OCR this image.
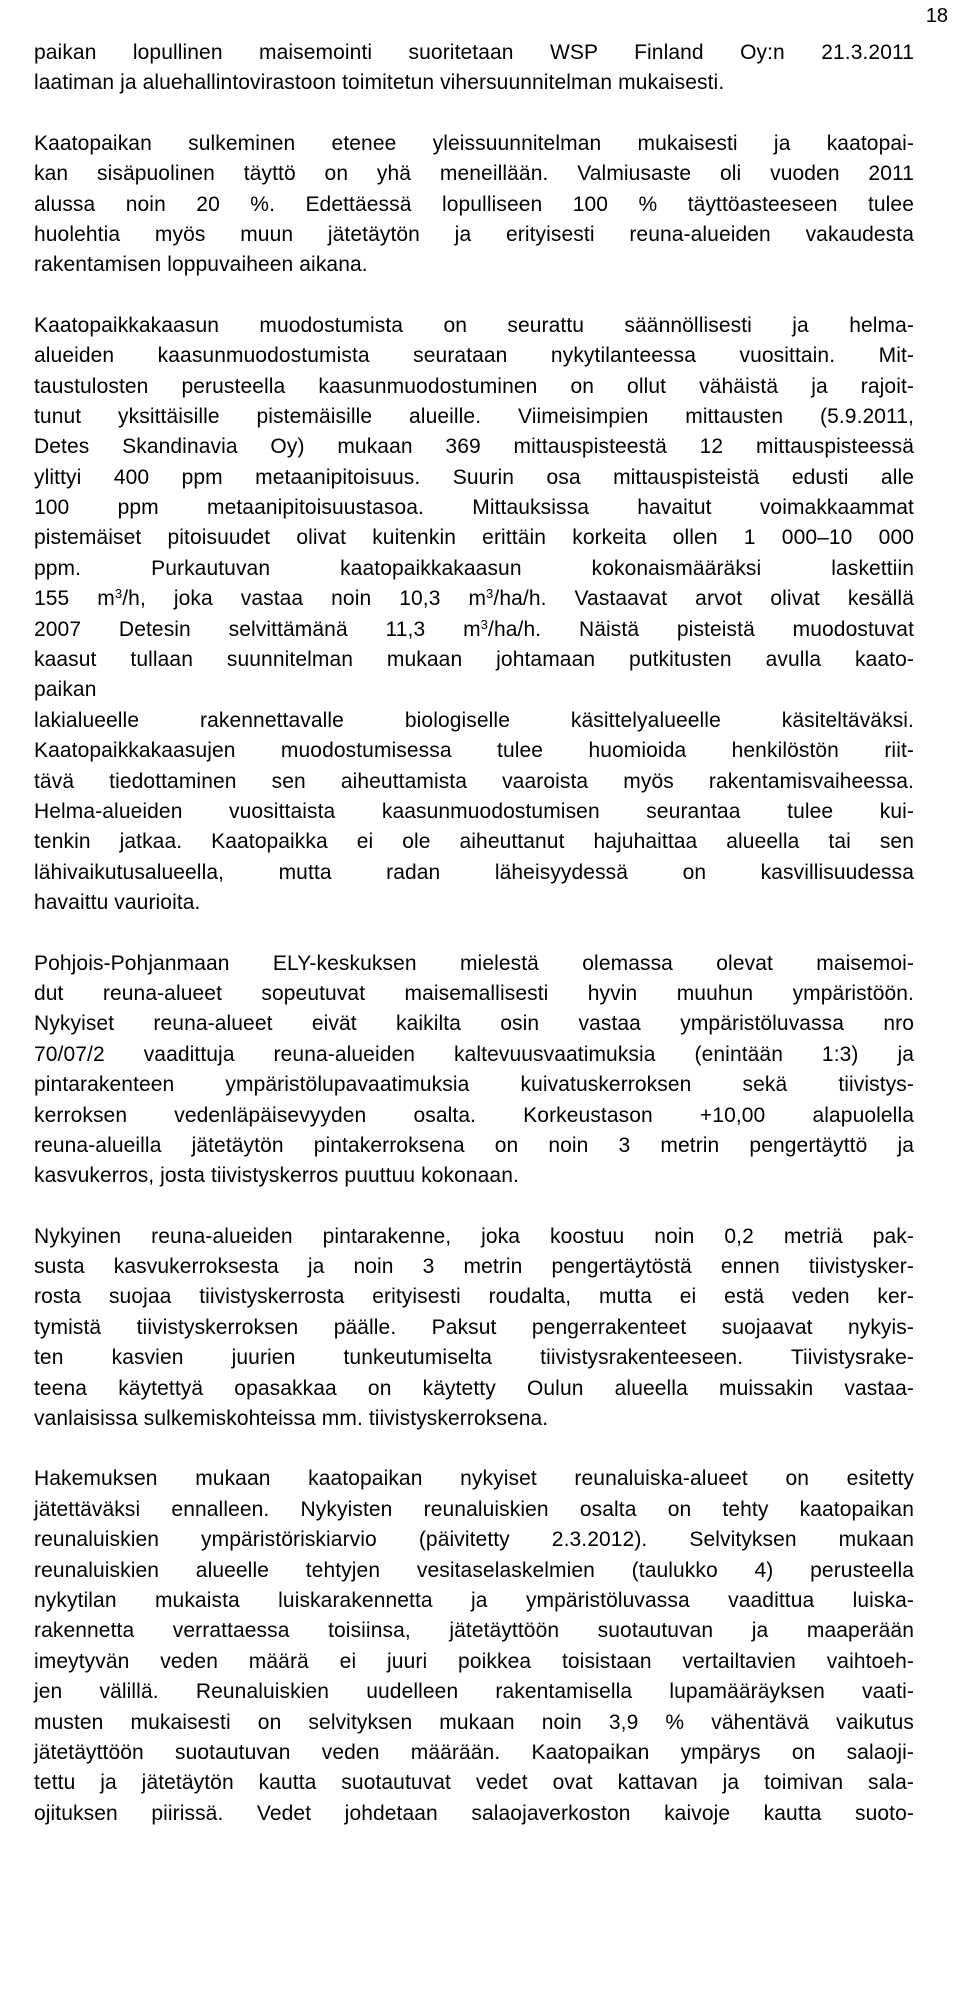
18
paikan lopullinen maisemointi suoritetaan WSP Finland Oy:n 21.3.2011
laatiman ja aluehallintovirastoon toimitetun vihersuunnitelman mukaisesti.
Kaatopaikan sulkeminen etenee yleissuunnitelman mukaisesti ja kaatopai-
kan sisäpuolinen täyttö on yhä meneillään. Valmiusaste oli vuoden 2011
alussa noin 20 %. Edettäessä lopulliseen 100 % täyttöasteeseen tulee
huolehtia myös muun jätetäytön ja erityisesti reuna-alueiden vakaudesta
rakentamisen loppuvaiheen aikana.
Kaatopaikkakaasun muodostumista on seurattu säännöllisesti ja helma-
alueiden kaasunmuodostumista seurataan nykytilanteessa vuosittain. Mit-
taustulosten perusteella kaasunmuodostuminen on ollut vähäistä ja rajoit-
tunut yksittäisille pistemäisille alueille. Viimeisimpien mittausten (5.9.2011,
Detes Skandinavia Oy) mukaan 369 mittauspisteestä 12 mittauspisteessä
ylittyi 400 ppm metaanipitoisuus. Suurin osa mittauspisteistä edusti alle
100 ppm metaanipitoisuustasoa. Mittauksissa havaitut voimakkaammat
pistemäiset pitoisuudet olivat kuitenkin erittäin korkeita ollen 1 000–10 000
ppm. Purkautuvan kaatopaikkakaasun kokonaismääräksi laskettiin
155 $m^3/h$, joka vastaa noin 10,3 $m^3/ha/h$. Vastaavat arvot olivat kesällä
2007 Detesin selvittämänä 11,3 $m^3/ha/h$. Näistä pisteistä muodostuvat
kaasut tullaan suunnitelman mukaan johtamaan putkitusten avulla kaato-
paikan
lakialueelle rakennettavalle biologiselle käsittelyalueelle käsiteltäväksi.
Kaatopaikkakaasujen muodostumisessa tulee huomioida henkilöstön riit-
tävä tiedottaminen sen aiheuttamista vaaroista myös rakentamisvaiheessa.
Helma-alueiden vuosittaista kaasunmuodostumisen seurantaa tulee kui-
tenkin jatkaa. Kaatopaikka ei ole aiheuttanut hajuhaittaa alueella tai sen
lähivaikutusalueella, mutta radan läheisyydessä on kasvillisuudessa
havaittu vaurioita.
Pohjois-Pohjanmaan ELY-keskuksen mielestä olemassa olevat maisemoi-
dut reuna-alueet sopeutuvat maisemallisesti hyvin muuhun ympäristöön.
Nykyiset reuna-alueet eivät kaikilta osin vastaa ympäristöluvassa nro
70/07/2 vaadittuja reuna-alueiden kaltevuusvaatimuksia (enintään 1:3) ja
pintarakenteen ympäristölupavaatimuksia kuivatuskerroksen sekä tiivistys-
kerroksen vedenläpäisevyyden osalta. Korkeustason +10,00 alapuolella
reuna-alueilla jätetäytön pintakerroksena on noin 3 metrin pengertäyttö ja
kasvukerros, josta tiivistyskerros puuttuu kokonaan.
Nykyinen reuna-alueiden pintarakenne, joka koostuu noin 0,2 metriä pak-
susta kasvukerroksesta ja noin 3 metrin pengertäytöstä ennen tiivistysker-
rosta suojaa tiivistyskerrosta erityisesti roudalta, mutta ei estä veden ker-
tymistä tiivistyskerroksen päälle. Paksut pengerrakenteet suojaavat nykyis-
ten kasvien juurien tunkeutumiselta tiivistysrakenteeseen. Tiivistysrake-
teena käytettyä opasakkaa on käytetty Oulun alueella muissakin vastaa-
vanlaisissa sulkemiskohteissa mm. tiivistyskerroksena.
Hakemuksen mukaan kaatopaikan nykyiset reunaluiska-alueet on esitetty
jätettäväksi ennalleen. Nykyisten reunaluiskien osalta on tehty kaatopaikan
reunaluiskien ympäristöriskiarvio (päivitetty 2.3.2012). Selvityksen mukaan
reunaluiskien alueelle tehtyjen vesitaselaskelmien (taulukko 4) perusteella
nykytilan mukaista luiskarakennetta ja ympäristöluvassa vaadittua luiska-
rakennetta verrattaessa toisiinsa, jätetäyttöön suotautuvan ja maaperään
imeytyvän veden määrä ei juuri poikkea toisistaan vertailtavien vaihtoeh-
jen välillä. Reunaluiskien uudelleen rakentamisella lupamääräyksen vaati-
musten mukaisesti on selvityksen mukaan noin 3,9 % vähentävä vaikutus
jätetäyttöön suotautuvan veden määrään. Kaatopaikan ympärys on salaoji-
tettu ja jätetäytön kautta suotautuvat vedet ovat kattavan ja toimivan sala-
ojituksen piirissä. Vedet johdetaan salaojaverkoston kaivoje kautta suoto-
